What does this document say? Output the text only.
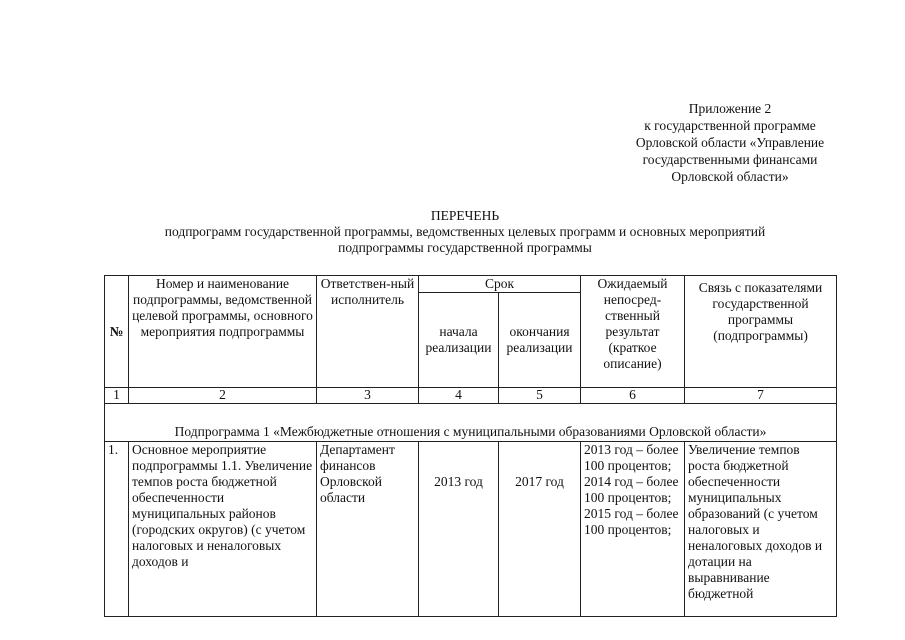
Приложение 2
к государственной программе
Орловской области «Управление
государственными финансами
Орловской области»
ПЕРЕЧЕНЬ
подпрограмм государственной программы, ведомственных целевых программ и основных мероприятий
подпрограммы государственной программы
№	Номер и наименование подпрограммы, ведомственной целевой программы, основного мероприятия подпрограммы	Ответствен-ный исполнитель	Срок		Ожидаемый непосред-ственный результат (краткое описание)	Связь с показателями государственной программы (подпрограммы)
			начала реализации	окончания реализации		
1	2	3	4	5	6	7
Подпрограмма 1 «Межбюджетные отношения с муниципальными образованиями Орловской области»						
1.	Основное мероприятие подпрограммы 1.1. Увеличение темпов роста бюджетной обеспеченности муниципальных районов (городских округов) (с учетом налоговых и неналоговых доходов и	Департамент финансов Орловской области	2013 год	2017 год	2013 год – более 100 процентов; 2014 год – более 100 процентов; 2015 год – более 100 процентов;	Увеличение темпов роста бюджетной обеспеченности муниципальных образований (с учетом налоговых и неналоговых доходов и дотации на выравнивание бюджетной
